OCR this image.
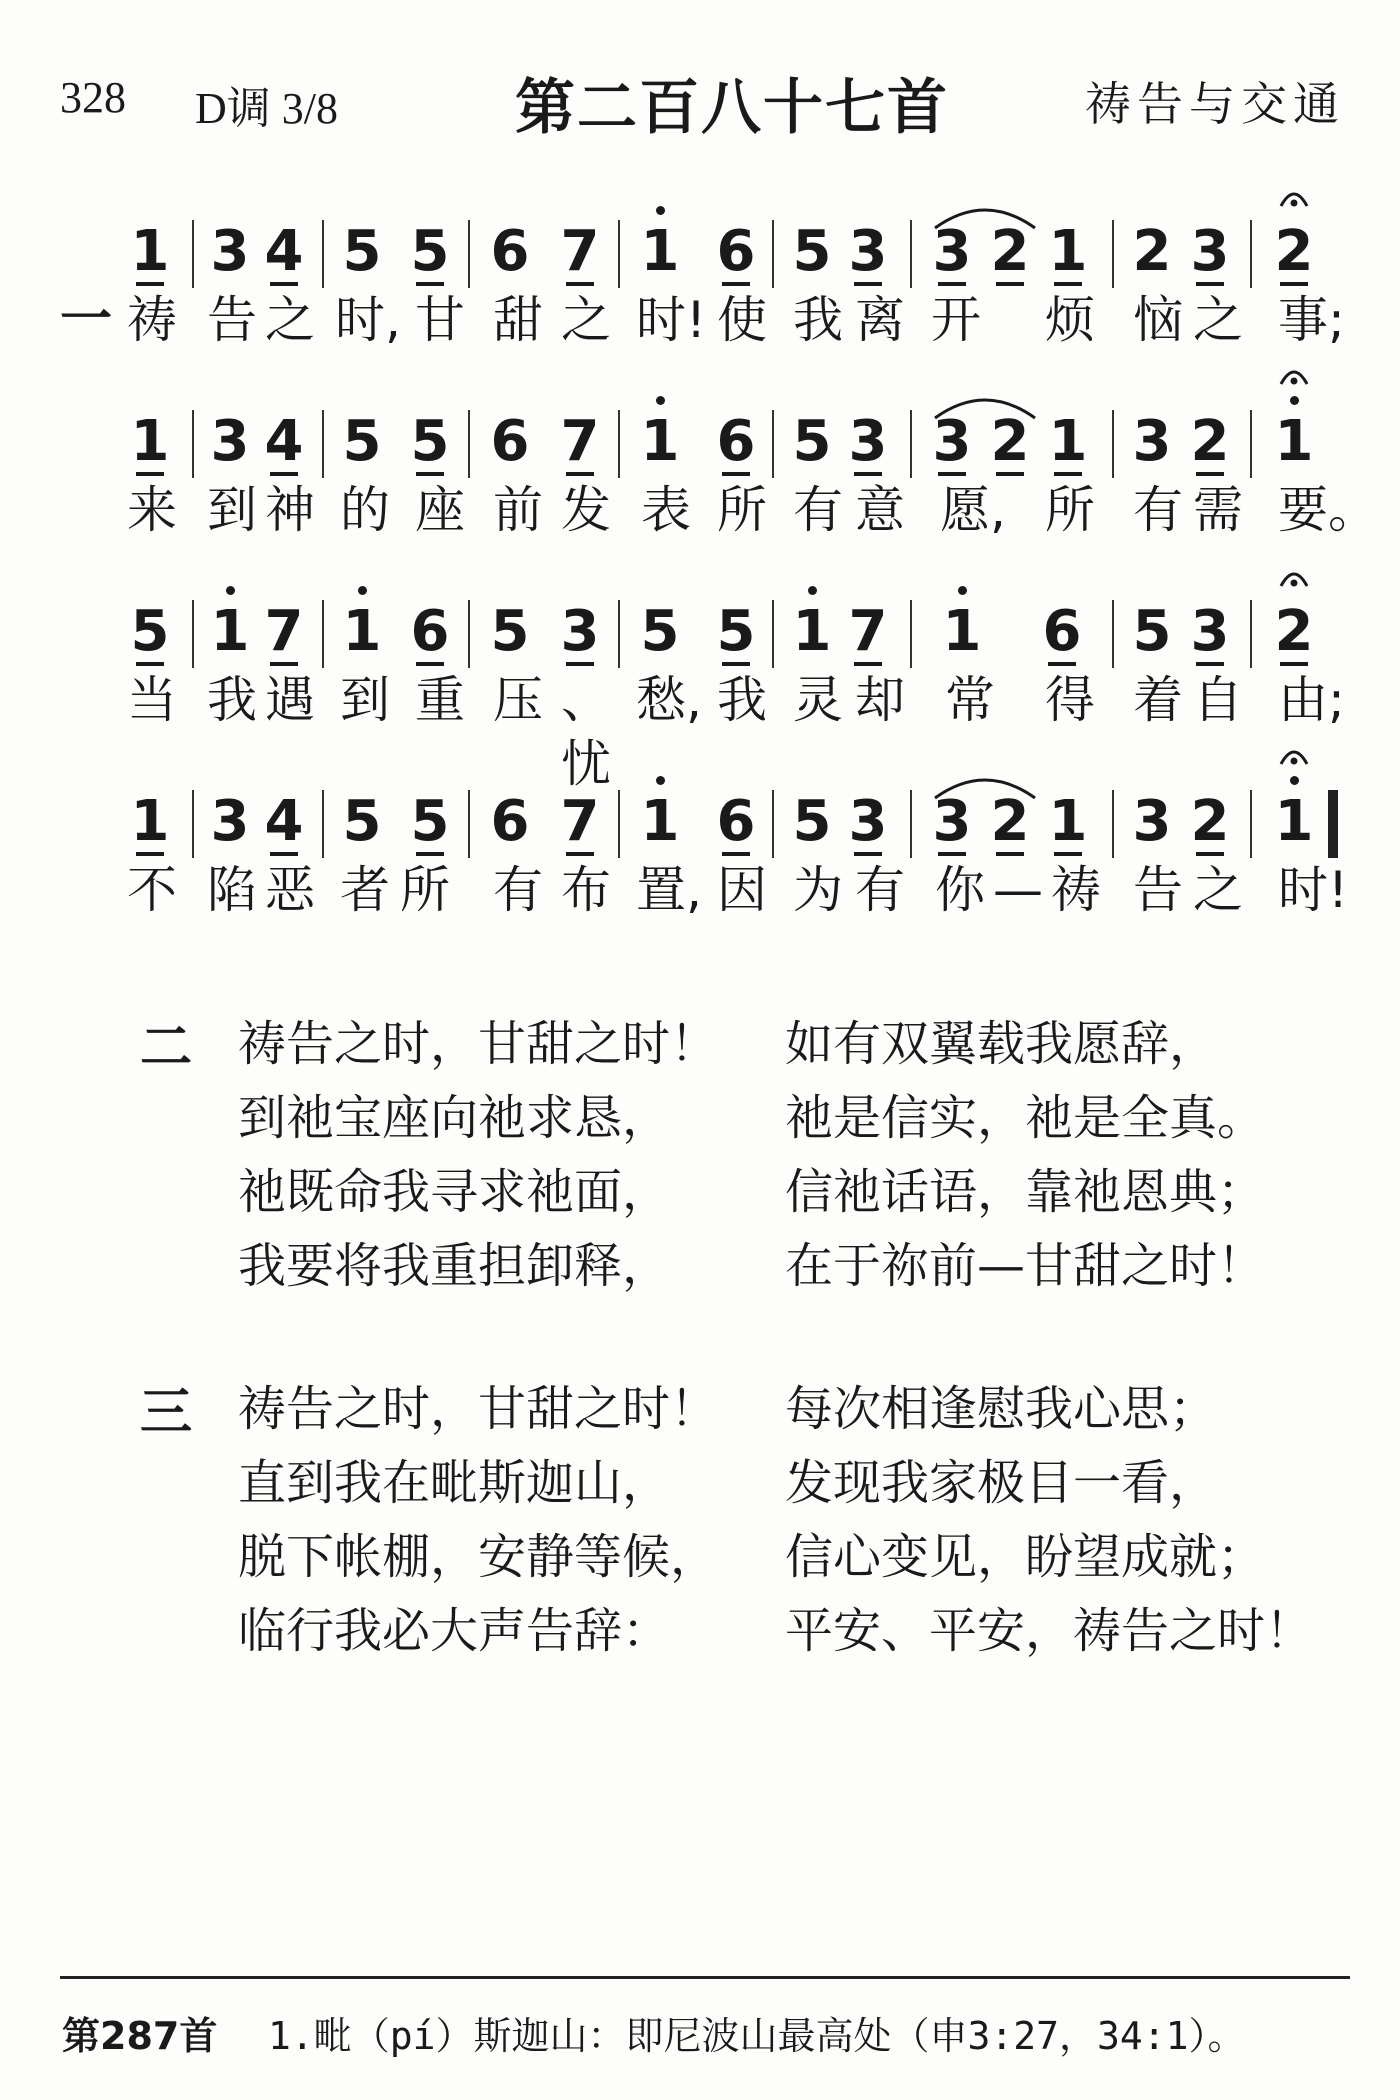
328 D调 3/8	第二百八十七首	祷告与交通
1 3 4 5 5 6 7 1 6 5 3 3 2 1 2 3 2
一 祷 告 之 时, 甘 甜 之 时! 使 我 离 开 烦 恼 之 事;
1 3 4 5 5 6 7 1 6 5 3 3 2 1 3 2 1
来 到 神 的 座 前 发 表 所 有 意 愿, 所 有 需 要。
5 1 7 1 6 5 3 5 5 1 7 1 6 5 3 2
当 我 遇 到 重 压 、忧
愁, 我 灵 却 常 得 着 自 由;
1 3 4 5 5 6 7 1 6 5 3 3 2 1 3 2 1
不 陷 恶 者 所 有 布 置, 因 为 有 你 — 祷 告 之 时!
二 祷告之时，甘甜之时！
到祂宝座向祂求恳，
祂既命我寻求祂面，
我要将我重担卸释，
如有双翼载我愿辞，
祂是信实，祂是全真。
信祂话语，靠祂恩典；
在于祢前—甘甜之时！
三 祷告之时，甘甜之时！
直到我在毗斯迦山，
脱下帐棚，安静等候，
临行我必大声告辞：
每次相逢慰我心思；
发现我家极目一看，
信心变见，盼望成就；
平安、平安，祷告之时！
第287首 1.毗（pí）斯迦山：即尼波山最高处（申3:27，34:1）。
